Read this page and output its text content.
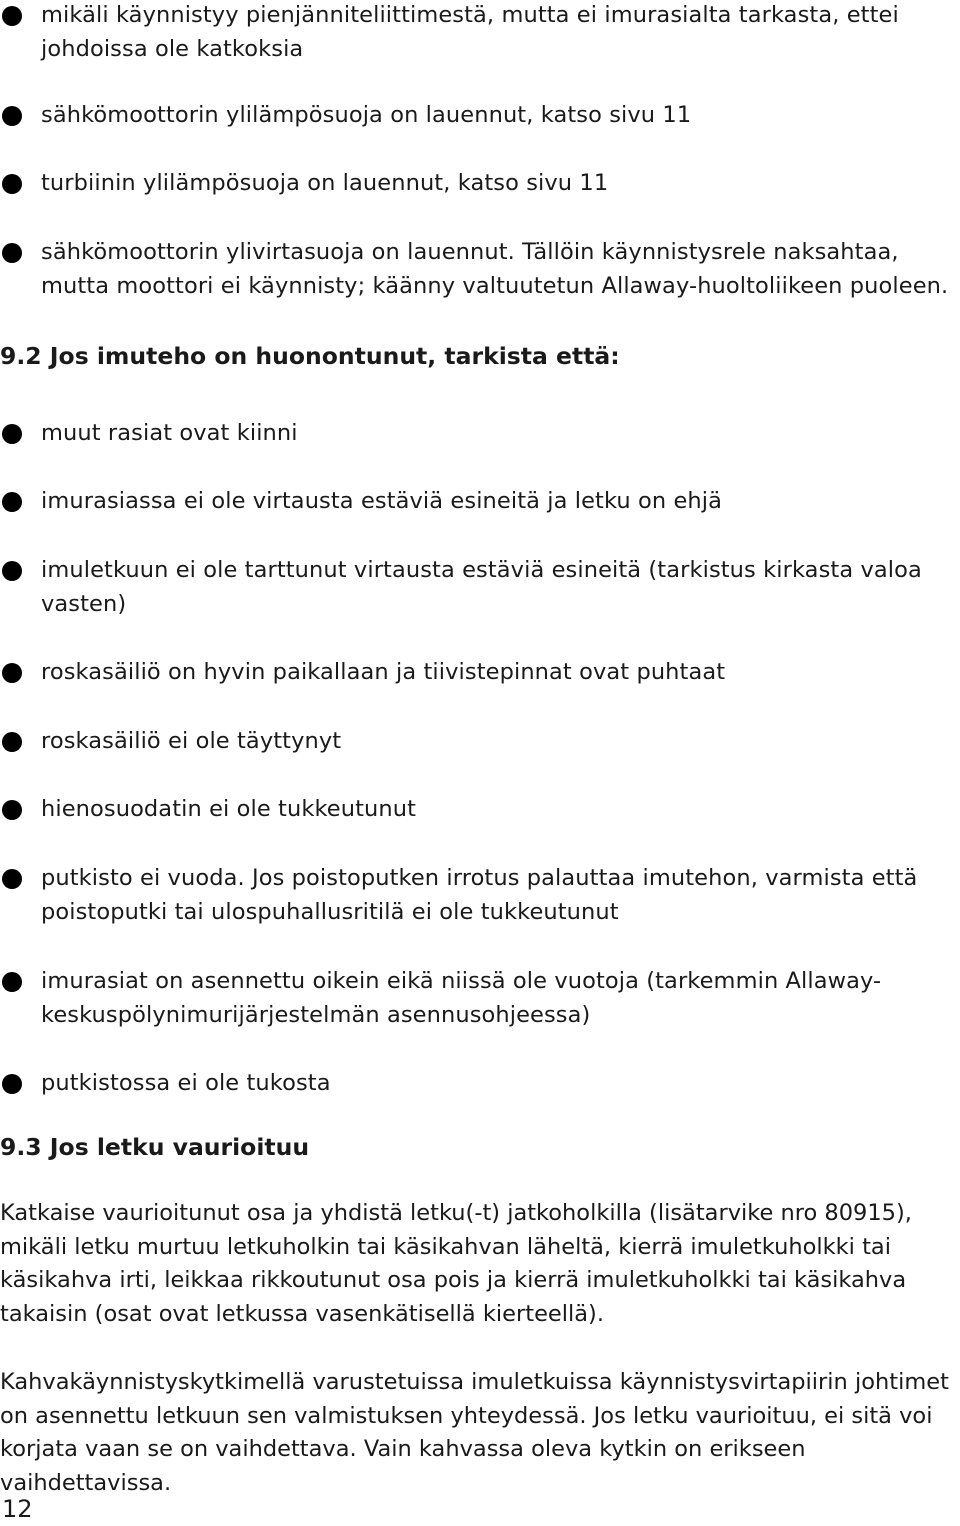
mikäli käynnistyy pienjänniteliittimestä, mutta ei imurasialta tarkasta, ettei johdoissa ole katkoksia
sähkömoottorin ylilämpösuoja on lauennut, katso sivu 11
turbiinin ylilämpösuoja on lauennut, katso sivu 11
sähkömoottorin ylivirtasuoja on lauennut. Tällöin käynnistysrele naksahtaa, mutta moottori ei käynnisty; käänny valtuutetun Allaway-huoltoliikeen puoleen.
9.2 Jos imuteho on huonontunut, tarkista että:
muut rasiat ovat kiinni
imurasiassa ei ole virtausta estäviä esineitä ja letku on ehjä
imuletkuun ei ole tarttunut virtausta estäviä esineitä (tarkistus kirkasta valoa vasten)
roskasäiliö on hyvin paikallaan ja tiivistepinnat ovat puhtaat
roskasäiliö ei ole täyttynyt
hienosuodatin ei ole tukkeutunut
putkisto ei vuoda. Jos poistoputken irrotus palauttaa imutehon, varmista että poistoputki tai ulospuhallusritilä ei ole tukkeutunut
imurasiat on asennettu oikein eikä niissä ole vuotoja (tarkemmin Allaway-keskuspölynimurijärjestelmän asennusohjeessa)
putkistossa ei ole tukosta
9.3 Jos letku vaurioituu
Katkaise vaurioitunut osa ja yhdistä letku(-t) jatkoholkilla (lisätarvike nro 80915), mikäli letku murtuu letkuholkin tai käsikahvan läheltä, kierrä imuletkuholkki tai käsikahva irti, leikkaa rikkoutunut osa pois ja kierrä imuletkuholkki tai käsikahva takaisin (osat ovat letkussa vasenkätisellä kierteellä).
Kahvakäynnistyskytkimellä varustetuissa imuletkuissa käynnistysvirtapiirin johtimet on asennettu letkuun sen valmistuksen yhteydessä. Jos letku vaurioituu, ei sitä voi korjata vaan se on vaihdettava. Vain kahvassa oleva kytkin on erikseen vaihdettavissa.
12
